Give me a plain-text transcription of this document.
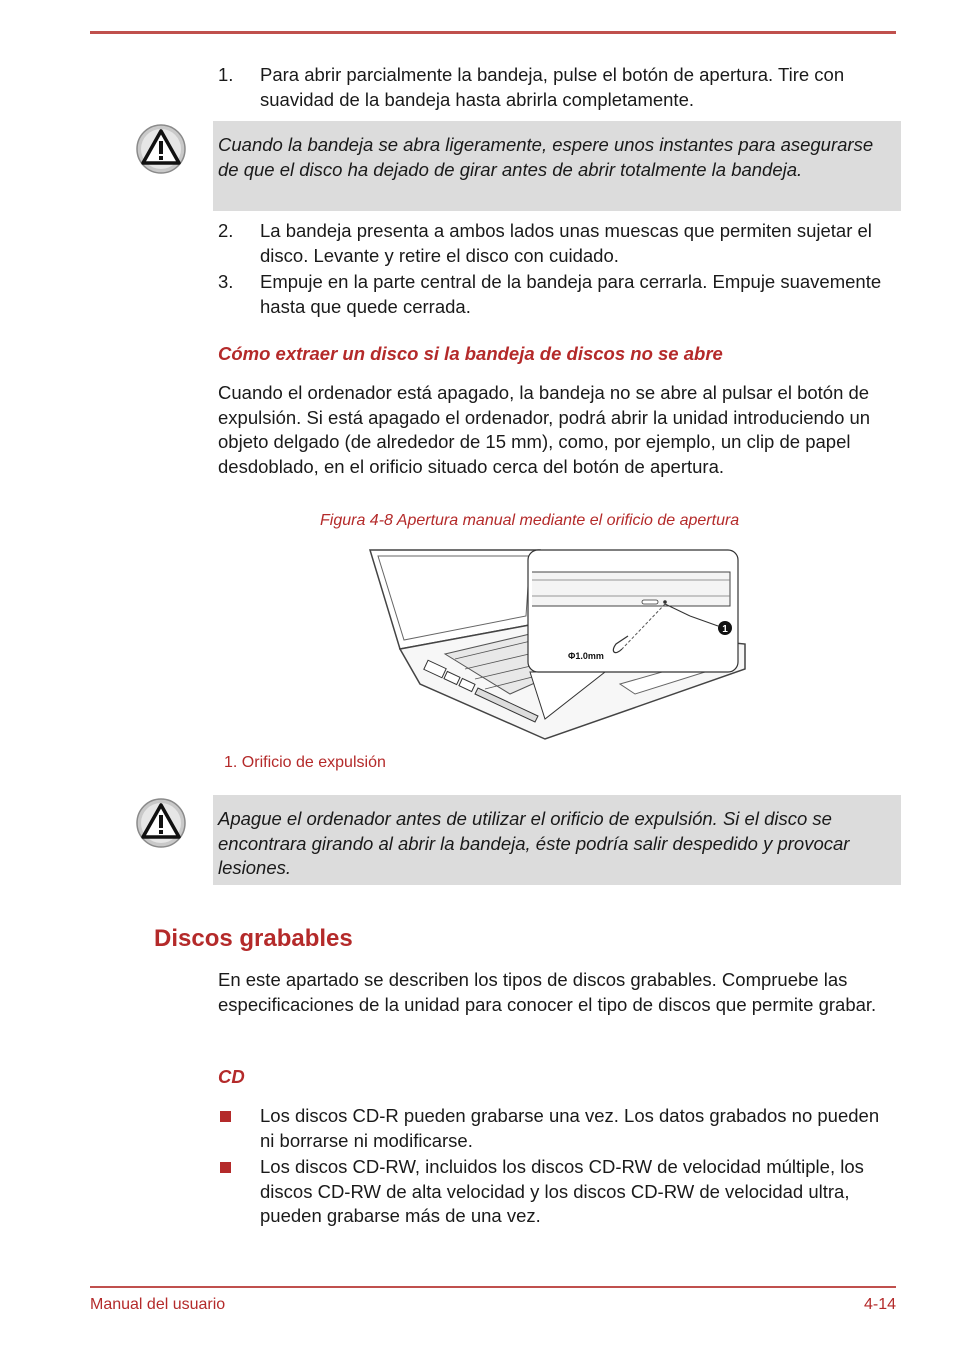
1. Para abrir parcialmente la bandeja, pulse el botón de apertura. Tire con suavidad de la bandeja hasta abrirla completamente.

Cuando la bandeja se abra ligeramente, espere unos instantes para asegurarse de que el disco ha dejado de girar antes de abrir totalmente la bandeja.

2. La bandeja presenta a ambos lados unas muescas que permiten sujetar el disco. Levante y retire el disco con cuidado.
3. Empuje en la parte central de la bandeja para cerrarla. Empuje suavemente hasta que quede cerrada.
Cómo extraer un disco si la bandeja de discos no se abre
Cuando el ordenador está apagado, la bandeja no se abre al pulsar el botón de expulsión. Si está apagado el ordenador, podrá abrir la unidad introduciendo un objeto delgado (de alrededor de 15 mm), como, por ejemplo, un clip de papel desdoblado, en el orificio situado cerca del botón de apertura.
Figura 4-8 Apertura manual mediante el orificio de apertura
1
Φ1.0mm
1. Orificio de expulsión

Apague el ordenador antes de utilizar el orificio de expulsión. Si el disco se encontrara girando al abrir la bandeja, éste podría salir despedido y provocar lesiones.

Discos grabables
En este apartado se describen los tipos de discos grabables. Compruebe las especificaciones de la unidad para conocer el tipo de discos que permite grabar.
CD
Los discos CD-R pueden grabarse una vez. Los datos grabados no pueden ni borrarse ni modificarse.
Los discos CD-RW, incluidos los discos CD-RW de velocidad múltiple, los discos CD-RW de alta velocidad y los discos CD-RW de velocidad ultra, pueden grabarse más de una vez.
Manual del usuario	4-14
